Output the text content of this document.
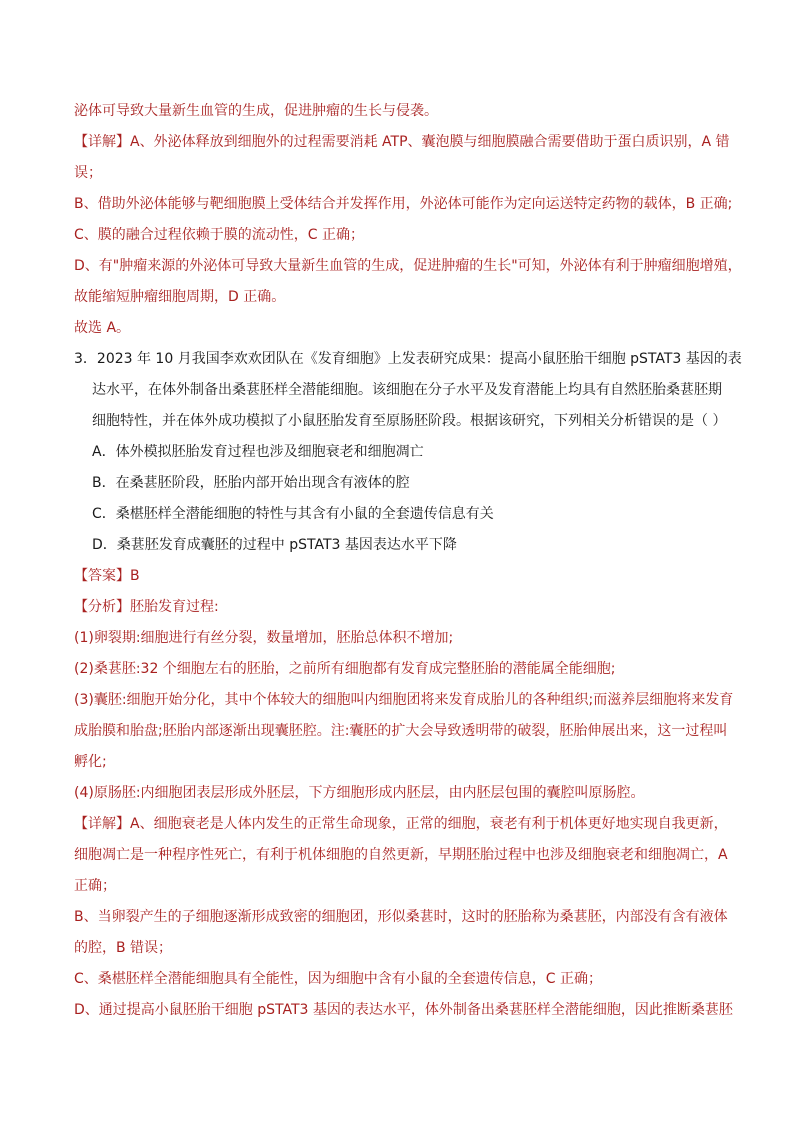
泌体可导致大量新生血管的生成，促进肿瘤的生长与侵袭。
【详解】A、外泌体释放到细胞外的过程需要消耗 ATP、囊泡膜与细胞膜融合需要借助于蛋白质识别，A 错
误；
B、借助外泌体能够与靶细胞膜上受体结合并发挥作用，外泌体可能作为定向运送特定药物的载体，B 正确;
C、膜的融合过程依赖于膜的流动性，C 正确；
D、有"肿瘤来源的外泌体可导致大量新生血管的生成，促进肿瘤的生长"可知，外泌体有利于肿瘤细胞增殖，
故能缩短肿瘤细胞周期，D 正确。
故选 A。
3．2023 年 10 月我国李欢欢团队在《发育细胞》上发表研究成果：提高小鼠胚胎干细胞 pSTAT3 基因的表
达水平，在体外制备出桑葚胚样全潜能细胞。该细胞在分子水平及发育潜能上均具有自然胚胎桑葚胚期
细胞特性，并在体外成功模拟了小鼠胚胎发育至原肠胚阶段。根据该研究，下列相关分析错误的是（ ）
A．体外模拟胚胎发育过程也涉及细胞衰老和细胞凋亡
B．在桑葚胚阶段，胚胎内部开始出现含有液体的腔
C．桑椹胚样全潜能细胞的特性与其含有小鼠的全套遗传信息有关
D．桑葚胚发育成囊胚的过程中 pSTAT3 基因表达水平下降
【答案】B
【分析】胚胎发育过程:
(1)卵裂期:细胞进行有丝分裂，数量增加，胚胎总体积不增加;
(2)桑葚胚:32 个细胞左右的胚胎，之前所有细胞都有发育成完整胚胎的潜能属全能细胞;
(3)囊胚:细胞开始分化，其中个体较大的细胞叫内细胞团将来发育成胎儿的各种组织;而滋养层细胞将来发育
成胎膜和胎盘;胚胎内部逐渐出现囊胚腔。注:囊胚的扩大会导致透明带的破裂，胚胎伸展出来，这一过程叫
孵化;
(4)原肠胚:内细胞团表层形成外胚层，下方细胞形成内胚层，由内胚层包围的囊腔叫原肠腔。
【详解】A、细胞衰老是人体内发生的正常生命现象，正常的细胞，衰老有利于机体更好地实现自我更新，
细胞凋亡是一种程序性死亡，有利于机体细胞的自然更新，早期胚胎过程中也涉及细胞衰老和细胞凋亡，A
正确；
B、当卵裂产生的子细胞逐渐形成致密的细胞团，形似桑葚时，这时的胚胎称为桑葚胚，内部没有含有液体
的腔，B 错误；
C、桑椹胚样全潜能细胞具有全能性，因为细胞中含有小鼠的全套遗传信息，C 正确；
D、通过提高小鼠胚胎干细胞 pSTAT3 基因的表达水平，体外制备出桑葚胚样全潜能细胞，因此推断桑葚胚
